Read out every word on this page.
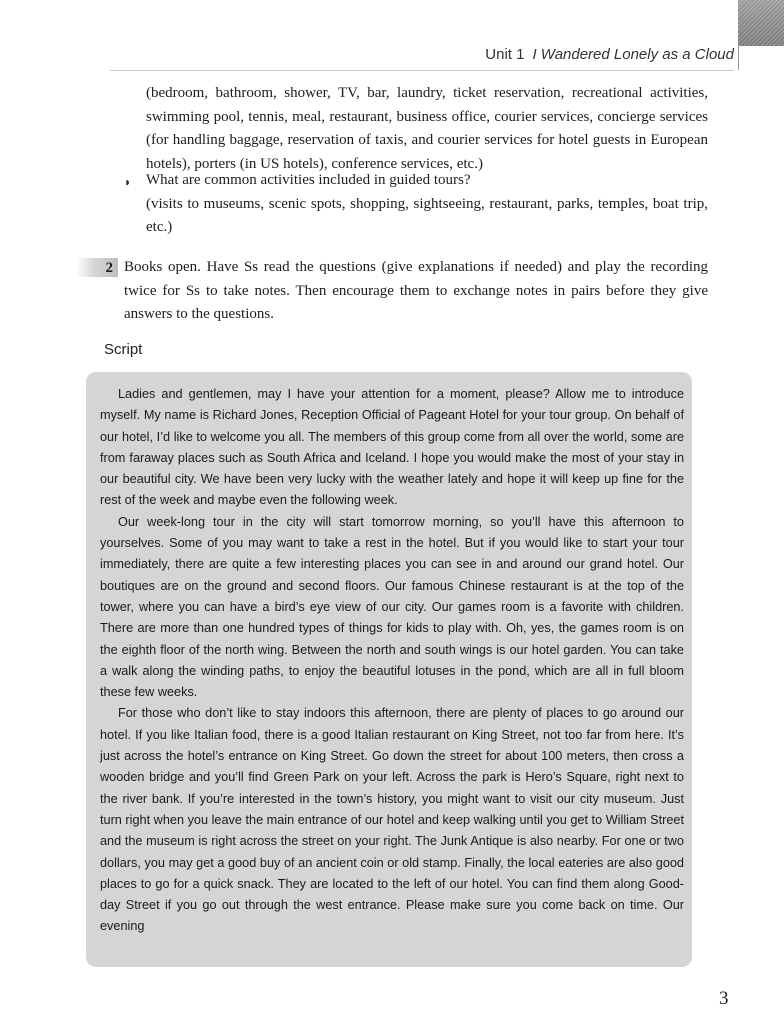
Unit 1 I Wandered Lonely as a Cloud

(bedroom, bathroom, shower, TV, bar, laundry, ticket reservation, recreational activities, swimming pool, tennis, meal, restaurant, business office, courier services, concierge services (for handling baggage, reservation of taxis, and courier services for hotel guests in European hotels), porters (in US hotels), conference services, etc.)

◗ What are common activities included in guided tours?

(visits to museums, scenic spots, shopping, sightseeing, restaurant, parks, temples, boat trip, etc.)

2 Books open. Have Ss read the questions (give explanations if needed) and play the recording twice for Ss to take notes. Then encourage them to exchange notes in pairs before they give answers to the questions.

Script

Ladies and gentlemen, may I have your attention for a moment, please? Allow me to introduce myself. My name is Richard Jones, Reception Official of Pageant Hotel for your tour group. On behalf of our hotel, I’d like to welcome you all. The members of this group come from all over the world, some are from faraway places such as South Africa and Iceland. I hope you would make the most of your stay in our beautiful city. We have been very lucky with the weather lately and hope it will keep up fine for the rest of the week and maybe even the following week.

Our week-long tour in the city will start tomorrow morning, so you’ll have this afternoon to yourselves. Some of you may want to take a rest in the hotel. But if you would like to start your tour immediately, there are quite a few interesting places you can see in and around our grand hotel. Our boutiques are on the ground and second floors. Our famous Chinese restaurant is at the top of the tower, where you can have a bird’s eye view of our city. Our games room is a favorite with children. There are more than one hundred types of things for kids to play with. Oh, yes, the games room is on the eighth floor of the north wing. Between the north and south wings is our hotel garden. You can take a walk along the winding paths, to enjoy the beautiful lotuses in the pond, which are all in full bloom these few weeks.

For those who don’t like to stay indoors this afternoon, there are plenty of places to go around our hotel. If you like Italian food, there is a good Italian restaurant on King Street, not too far from here. It’s just across the hotel’s entrance on King Street. Go down the street for about 100 meters, then cross a wooden bridge and you’ll find Green Park on your left. Across the park is Hero’s Square, right next to the river bank. If you’re interested in the town’s history, you might want to visit our city museum. Just turn right when you leave the main entrance of our hotel and keep walking until you get to William Street and the museum is right across the street on your right. The Junk Antique is also nearby. For one or two dollars, you may get a good buy of an ancient coin or old stamp. Finally, the local eateries are also good places to go for a quick snack. They are located to the left of our hotel. You can find them along Good-day Street if you go out through the west entrance. Please make sure you come back on time. Our evening

3
